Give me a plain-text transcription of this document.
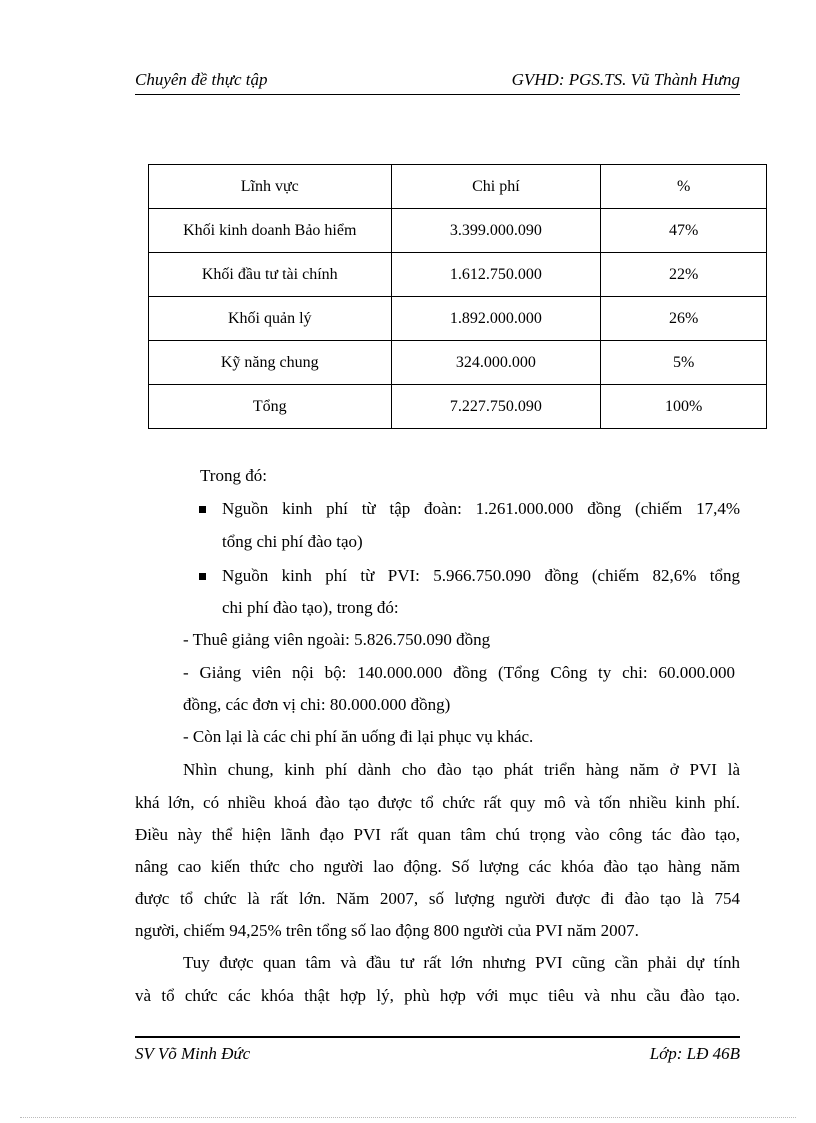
Chuyên đề thực tập	GVHD: PGS.TS. Vũ Thành Hưng
Lĩnh vực	Chi phí	%
Khối kinh doanh Bảo hiểm	3.399.000.090	47%
Khối đầu tư tài chính	1.612.750.000	22%
Khối quản lý	1.892.000.000	26%
Kỹ năng chung	324.000.000	5%
Tổng	7.227.750.090	100%
Trong đó:
Nguồn kinh phí từ tập đoàn: 1.261.000.000 đồng (chiếm 17,4%
tổng chi phí đào tạo)
Nguồn kinh phí từ PVI: 5.966.750.090 đồng (chiếm 82,6% tổng
chi phí đào tạo), trong đó:
- Thuê giảng viên ngoài: 5.826.750.090 đồng
- Giảng viên nội bộ: 140.000.000 đồng (Tổng Công ty chi: 60.000.000
đồng, các đơn vị chi: 80.000.000 đồng)
- Còn lại là các chi phí ăn uống đi lại phục vụ khác.
Nhìn chung, kinh phí dành cho đào tạo phát triển hàng năm ở PVI là
khá lớn, có nhiều khoá đào tạo được tổ chức rất quy mô và tốn nhiều kinh phí.
Điều này thể hiện lãnh đạo PVI rất quan tâm chú trọng vào công tác đào tạo,
nâng cao kiến thức cho người lao động. Số lượng các khóa đào tạo hàng năm
được tổ chức là rất lớn. Năm 2007, số lượng người được đi đào tạo là 754
người, chiếm 94,25% trên tổng số lao động 800 người của PVI năm 2007.
Tuy được quan tâm và đầu tư rất lớn nhưng PVI cũng cần phải dự tính
và tổ chức các khóa thật hợp lý, phù hợp với mục tiêu và nhu cầu đào tạo.
SV Võ Minh Đức	Lớp: LĐ 46B
